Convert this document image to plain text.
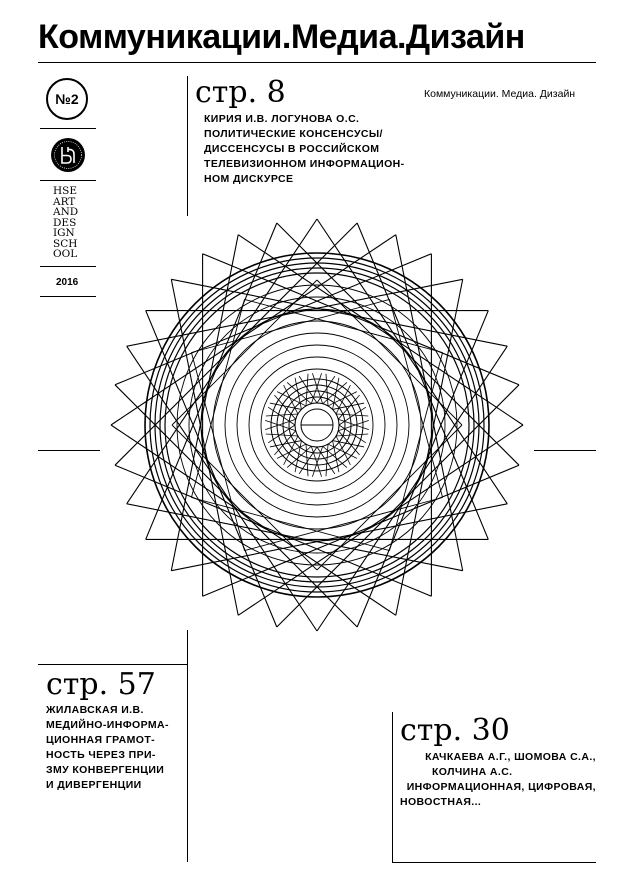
Коммуникации.Медиа.Дизайн
№2
HSE
ART
AND
DES
IGN
SCH
OOL
2016
стр. 8
КИРИЯ И.В. ЛОГУНОВА О.С.
ПОЛИТИЧЕСКИЕ КОНСЕНСУСЫ/
ДИССЕНСУСЫ В РОССИЙСКОМ
ТЕЛЕВИЗИОННОМ ИНФОРМАЦИОН-
НОМ ДИСКУРСЕ
Коммуникации. Медиа. Дизайн
стр. 57
ЖИЛАВСКАЯ И.В.
МЕДИЙНО-ИНФОРМА-
ЦИОННАЯ ГРАМОТ-
НОСТЬ ЧЕРЕЗ ПРИ-
ЗМУ КОНВЕРГЕНЦИИ
И ДИВЕРГЕНЦИИ
стр. 30
КАЧКАЕВА А.Г., ШОМОВА С.А.,
КОЛЧИНА А.С.
ИНФОРМАЦИОННАЯ, ЦИФРОВАЯ,
НОВОСТНАЯ...
